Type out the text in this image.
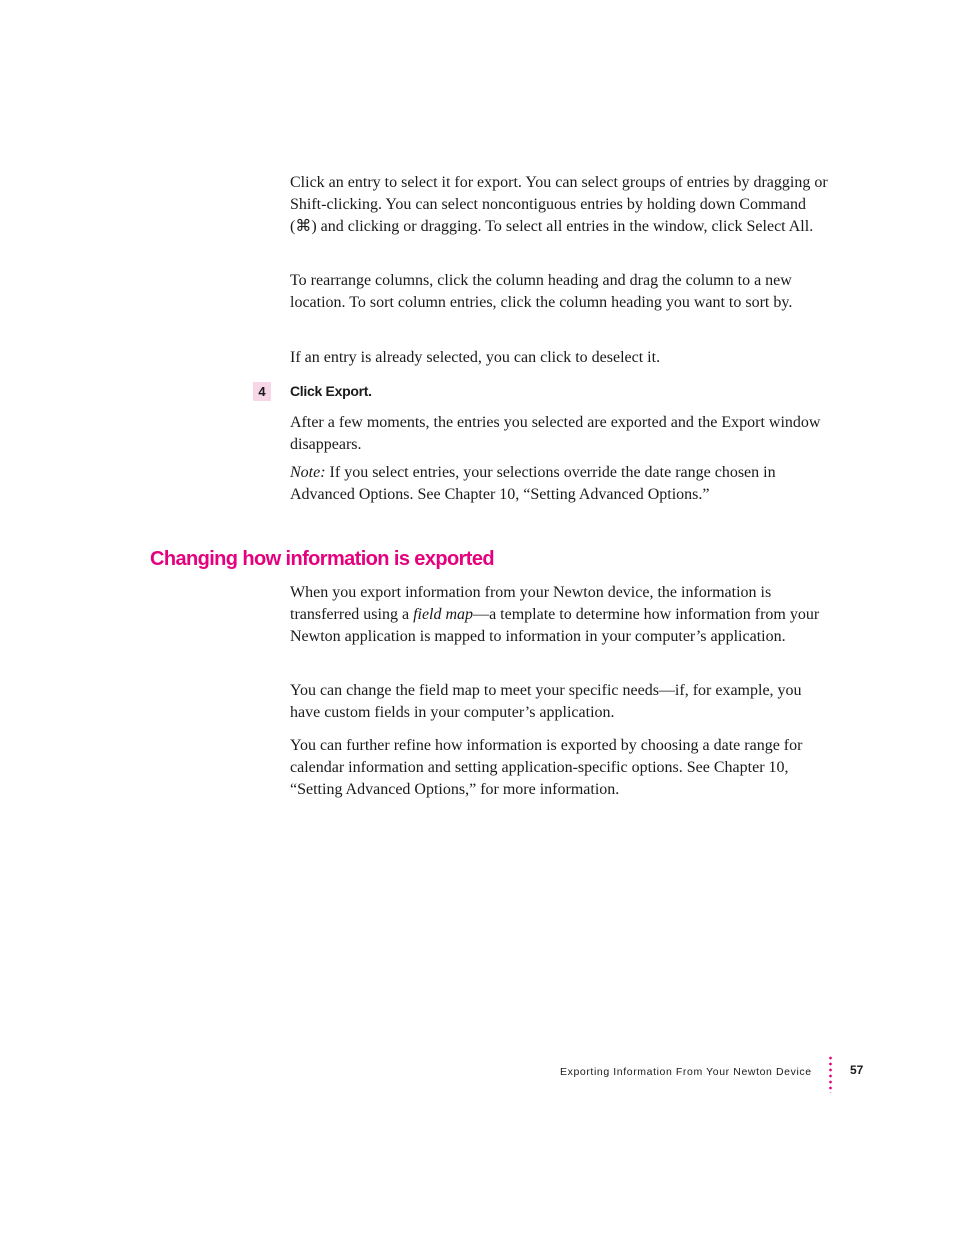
Click an entry to select it for export. You can select groups of entries by dragging or Shift-clicking. You can select noncontiguous entries by holding down Command (⌘) and clicking or dragging. To select all entries in the window, click Select All.

To rearrange columns, click the column heading and drag the column to a new location. To sort column entries, click the column heading you want to sort by.

If an entry is already selected, you can click to deselect it.

4	Click Export.

After a few moments, the entries you selected are exported and the Export window disappears.

Note: If you select entries, your selections override the date range chosen in Advanced Options. See Chapter 10, “Setting Advanced Options.”

Changing how information is exported

When you export information from your Newton device, the information is transferred using a field map—a template to determine how information from your Newton application is mapped to information in your computer’s application.

You can change the field map to meet your specific needs—if, for example, you have custom fields in your computer’s application.

You can further refine how information is exported by choosing a date range for calendar information and setting application-specific options. See Chapter 10, “Setting Advanced Options,” for more information.

Exporting Information From Your Newton Device	57
